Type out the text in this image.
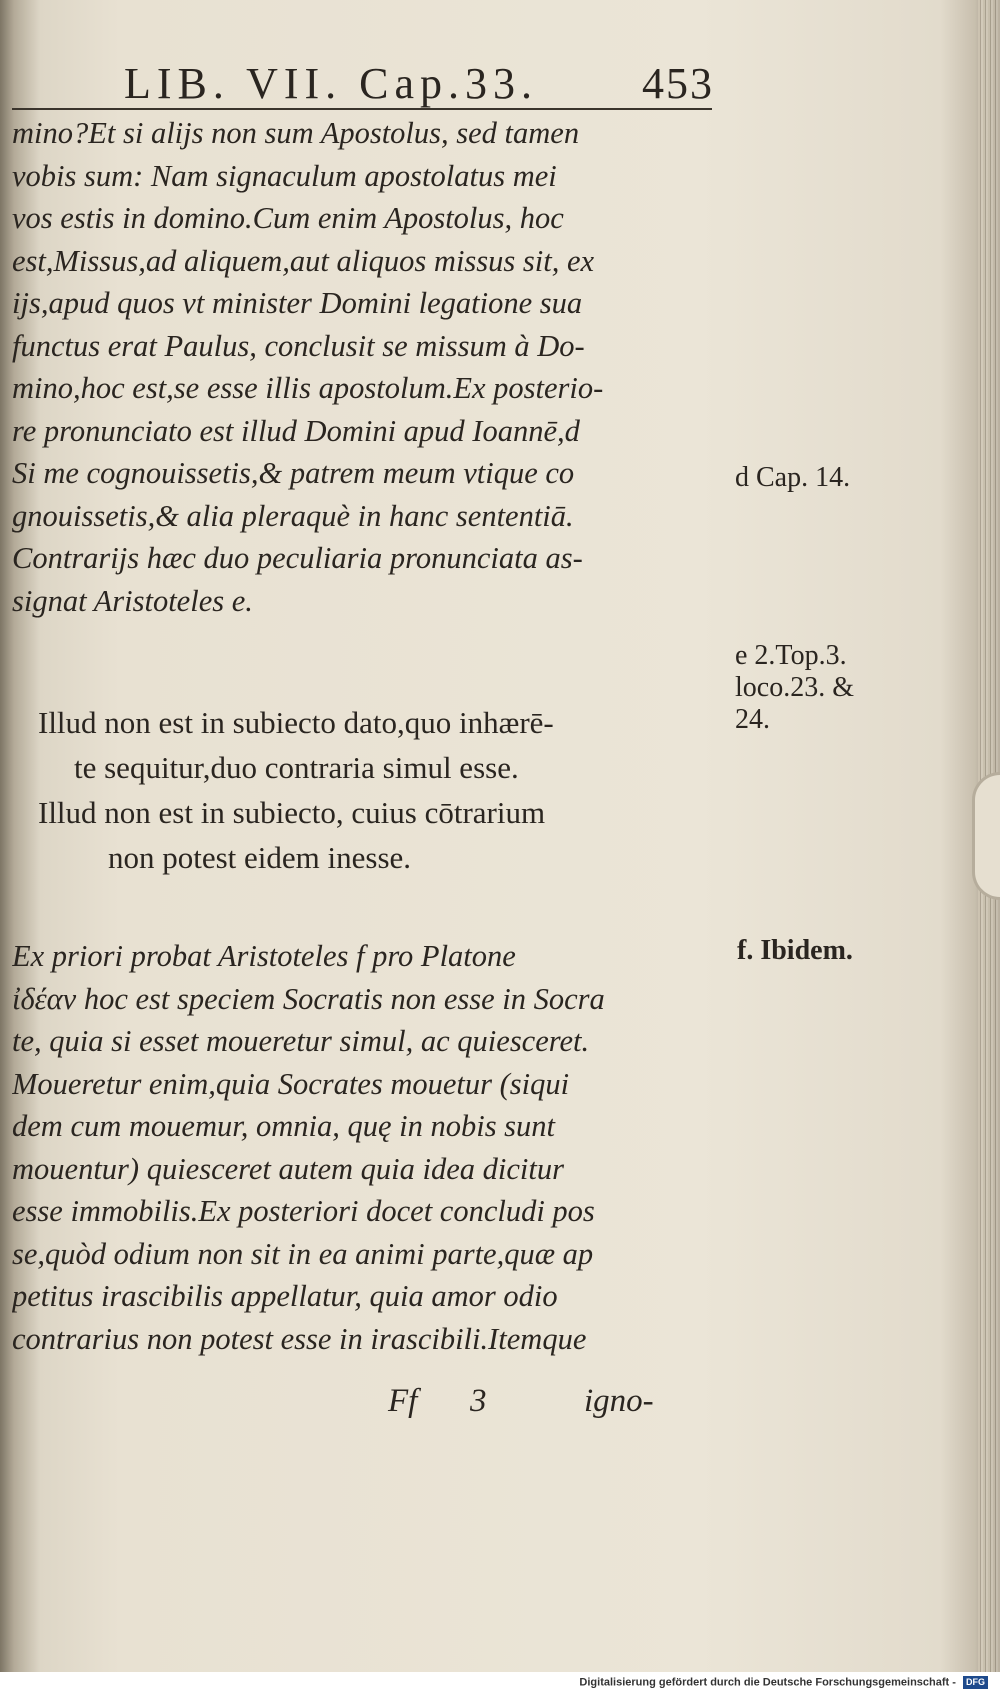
LIB. VII. Cap.33. 453
mino?Et si alijs non sum Apostolus, sed tamen
vobis sum: Nam signaculum apostolatus mei
vos estis in domino.Cum enim Apostolus, hoc
est,Missus,ad aliquem,aut aliquos missus sit, ex
ijs,apud quos vt minister Domini legatione sua
functus erat Paulus, conclusit se missum à Do-
mino,hoc est,se esse illis apostolum.Ex posterio-
re pronunciato est illud Domini apud Ioannē,d
Si me cognouissetis,& patrem meum vtique co
gnouissetis,& alia pleraquè in hanc sententiā.
Contrarijs hæc duo peculiaria pronunciata as-
signat Aristoteles e.
Illud non est in subiecto dato,quo inhærē-
te sequitur,duo contraria simul esse.
Illud non est in subiecto, cuius cōtrarium
non potest eidem inesse.
Ex priori probat Aristoteles f pro Platone
ἰδέαν hoc est speciem Socratis non esse in Socra
te, quia si esset moueretur simul, ac quiesceret.
Moueretur enim,quia Socrates mouetur (siqui
dem cum mouemur, omnia, quę in nobis sunt
mouentur) quiesceret autem quia idea dicitur
esse immobilis.Ex posteriori docet concludi pos
se,quòd odium non sit in ea animi parte,quæ ap
petitus irascibilis appellatur, quia amor odio
contrarius non potest esse in irascibili.Itemque
d Cap. 14.
e 2.Top.3.
loco.23. &
24.
f. Ibidem.
Ff 3	igno-
Digitalisierung gefördert durch die Deutsche Forschungsgemeinschaft - DFG
